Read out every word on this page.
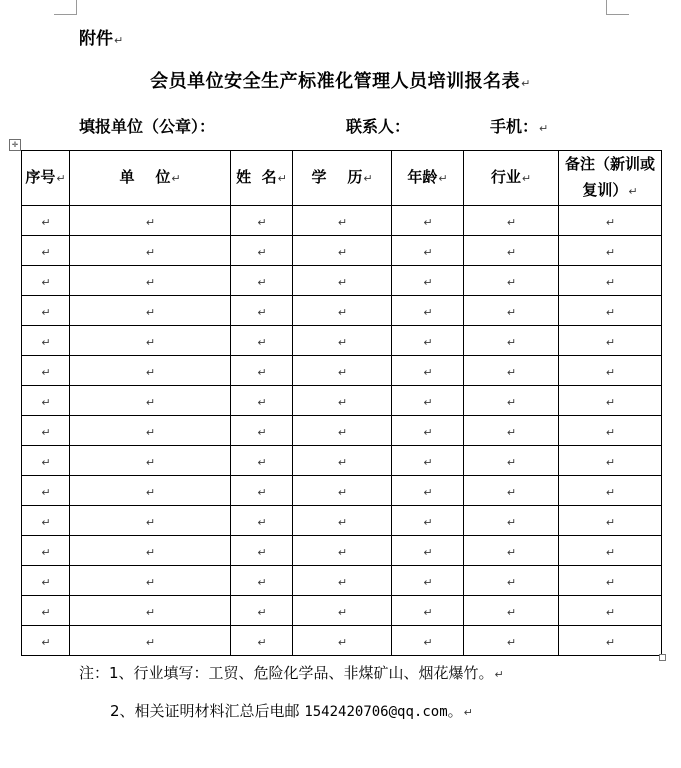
附件↵
会员单位安全生产标准化管理人员培训报名表↵
填报单位（公章）：	联系人：	手机：↵
✛
序号↵	单    位↵	姓  名↵	学    历↵	年龄↵	行业↵	备注（新训或复训）↵
↵	↵	↵	↵	↵	↵	↵
↵	↵	↵	↵	↵	↵	↵
↵	↵	↵	↵	↵	↵	↵
↵	↵	↵	↵	↵	↵	↵
↵	↵	↵	↵	↵	↵	↵
↵	↵	↵	↵	↵	↵	↵
↵	↵	↵	↵	↵	↵	↵
↵	↵	↵	↵	↵	↵	↵
↵	↵	↵	↵	↵	↵	↵
↵	↵	↵	↵	↵	↵	↵
↵	↵	↵	↵	↵	↵	↵
↵	↵	↵	↵	↵	↵	↵
↵	↵	↵	↵	↵	↵	↵
↵	↵	↵	↵	↵	↵	↵
↵	↵	↵	↵	↵	↵	↵
注：1、行业填写：工贸、危险化学品、非煤矿山、烟花爆竹。↵
2、相关证明材料汇总后电邮 1542420706@qq.com。↵
